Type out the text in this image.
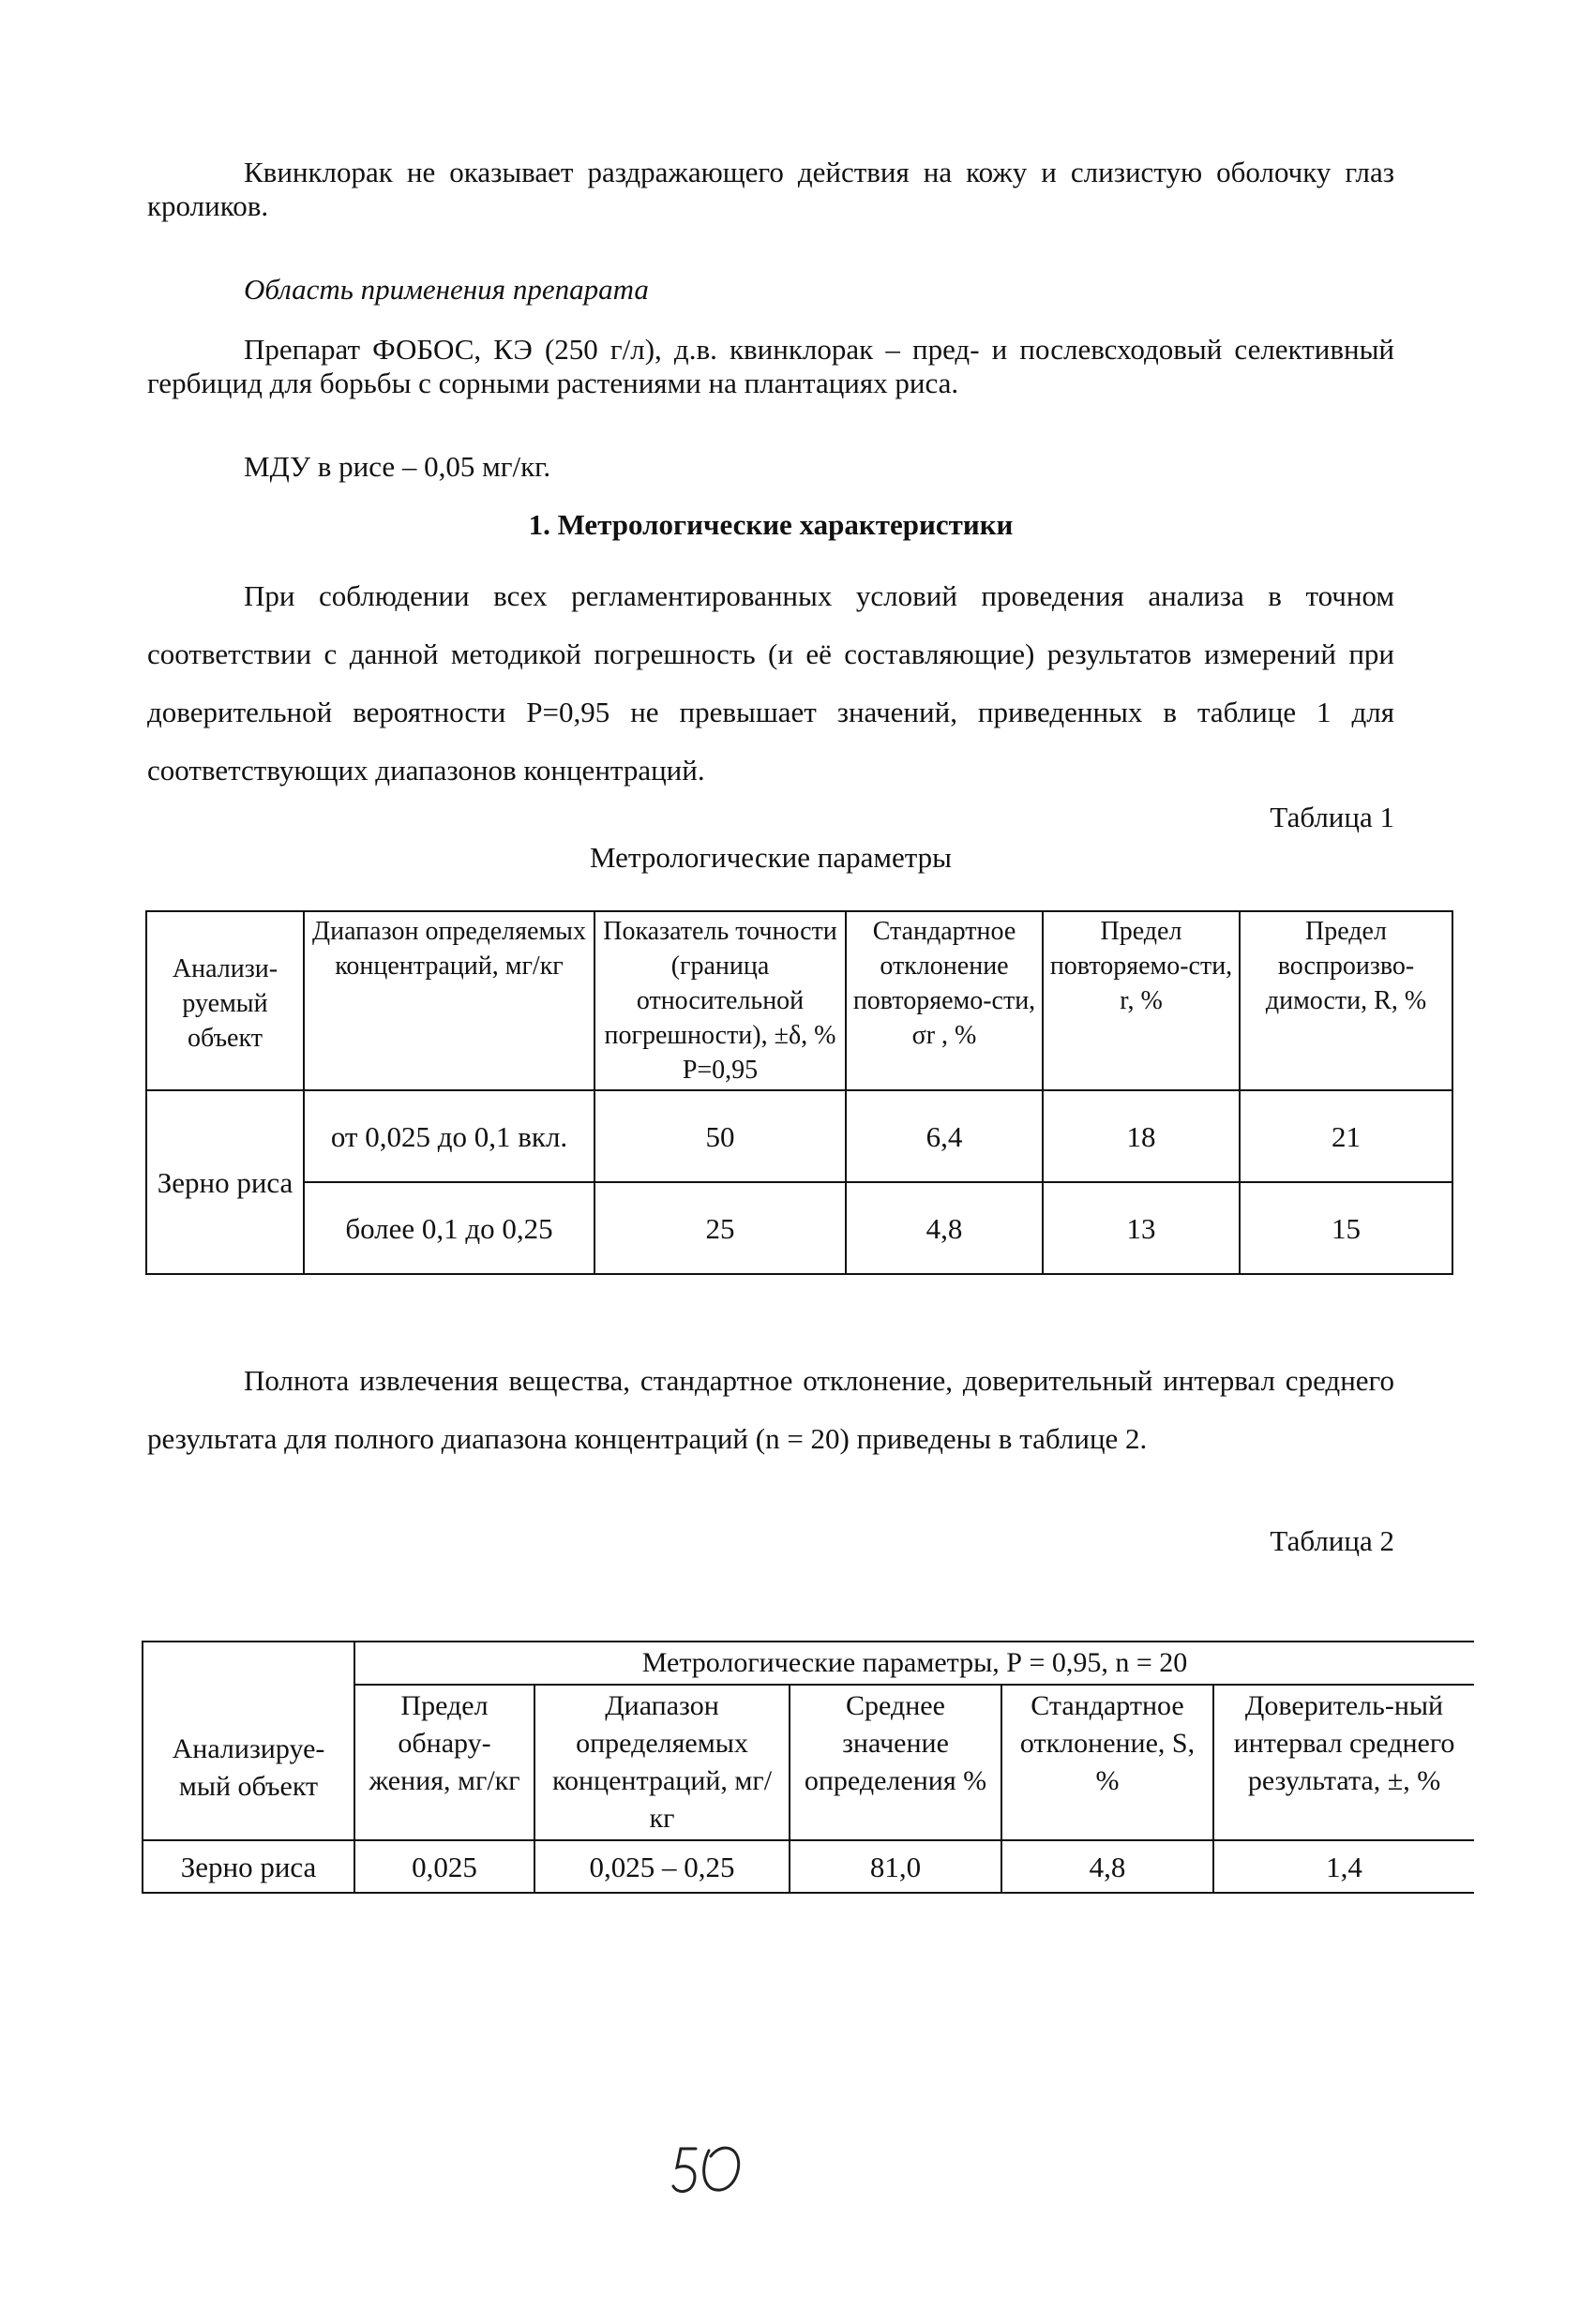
Квинклорак не оказывает раздражающего действия на кожу и слизистую оболочку глаз кроликов.

Область применения препарата

Препарат ФОБОС, КЭ (250 г/л), д.в. квинклорак – пред- и послевсходовый селективный гербицид для борьбы с сорными растениями на плантациях риса.

МДУ в рисе – 0,05 мг/кг.

1. Метрологические характеристики

При соблюдении всех регламентированных условий проведения анализа в точном соответствии с данной методикой погрешность (и её составляющие) результатов измерений при доверительной вероятности Р=0,95 не превышает значений, приведенных в таблице 1 для соответствующих диапазонов концентраций.

Таблица 1

Метрологические параметры

Анализи-руемый объект	Диапазон определяемых концентраций, мг/кг	Показатель точности (граница относительной погрешности), ±δ, % Р=0,95	Стандартное отклонение повторяемо-сти, σr , %	Предел повторяемо-сти, r, %	Предел воспроизво-димости, R, %
Зерно риса	от 0,025 до 0,1 вкл.	50	6,4	18	21
	более 0,1 до 0,25	25	4,8	13	15

Полнота извлечения вещества, стандартное отклонение, доверительный интервал среднего результата для полного диапазона концентраций (n = 20) приведены в таблице 2.

Таблица 2

Анализируе-мый объект	Метрологические параметры, Р = 0,95, n = 20				
	Предел обнару-жения, мг/кг	Диапазон определяемых концентраций, мг/кг	Среднее значение определения %	Стандартное отклонение, S, %	Доверитель-ный интервал среднего результата, ±, %
Зерно риса	0,025	0,025 – 0,25	81,0	4,8	1,4
50
